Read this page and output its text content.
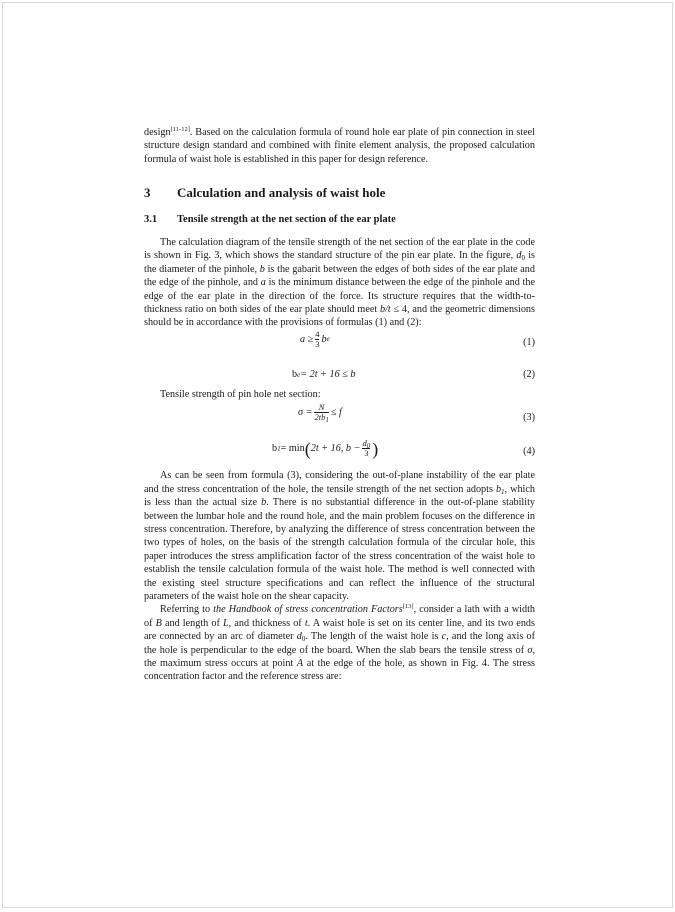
design[11-12]. Based on the calculation formula of round hole ear plate of pin connection in steel structure design standard and combined with finite element analysis, the proposed calculation formula of waist hole is established in this paper for design reference.

3	Calculation and analysis of waist hole
3.1	Tensile strength at the net section of the ear plate

The calculation diagram of the tensile strength of the net section of the ear plate in the code is shown in Fig. 3, which shows the standard structure of the pin ear plate. In the figure, $d_0$ is the diameter of the pinhole, b is the gabarit between the edges of both sides of the ear plate and the edge of the pinhole, and a is the minimum distance between the edge of the pinhole and the edge of the ear plate in the direction of the force. Its structure requires that the width-to-thickness ratio on both sides of the ear plate should meet b/t ≤ 4, and the geometric dimensions should be in accordance with the provisions of formulas (1) and (2):

$a \ge \frac{4}{3}$ b e	(1)
b e = 2t + 16 ≤ b	(2)

Tensile strength of pin hole net section:

$\sigma = \frac{N}{2tb_1} \le f$	(3)
b 1 = min ( 2t + 16, $b - \frac{d_0}{3}$ )	(4)

As can be seen from formula (3), considering the out-of-plane instability of the ear plate and the stress concentration of the hole, the tensile strength of the net section adopts $b_1$, which is less than the actual size b. There is no substantial difference in the out-of-plane stability between the lumbar hole and the round hole, and the main problem focuses on the difference in stress concentration. Therefore, by analyzing the difference of stress concentration between the two types of holes, on the basis of the strength calculation formula of the circular hole, this paper introduces the stress amplification factor of the stress concentration of the waist hole to establish the tensile calculation formula of the waist hole. The method is well connected with the existing steel structure specifications and can reflect the influence of the structural parameters of the waist hole on the shear capacity.

Referring to the Handbook of stress concentration Factors[13], consider a lath with a width of B and length of L, and thickness of t. A waist hole is set on its center line, and its two ends are connected by an arc of diameter $d_0$. The length of the waist hole is c, and the long axis of the hole is perpendicular to the edge of the board. When the slab bears the tensile stress of σ, the maximum stress occurs at point A at the edge of the hole, as shown in Fig. 4. The stress concentration factor and the reference stress are:
